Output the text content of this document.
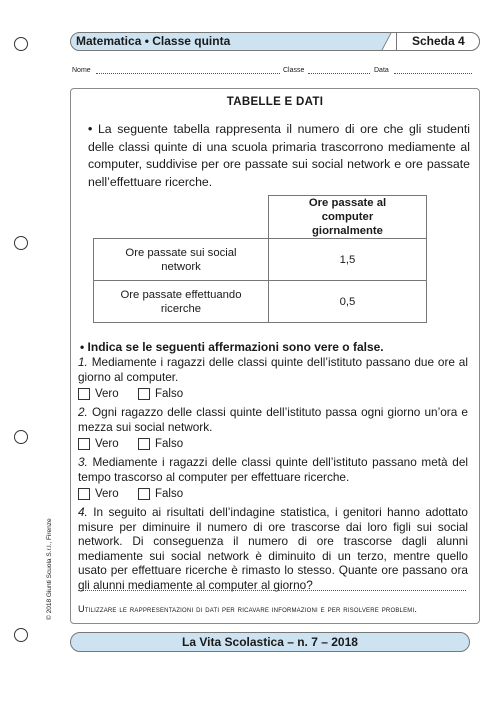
Matematica • Classe quinta	Scheda 4
Nome	Classe	Data
TABELLE E DATI
• La seguente tabella rappresenta il numero di ore che gli studenti delle classi quinte di una scuola primaria trascorrono mediamente al computer, suddivise per ore passate sui social network e ore passate nell’effettuare ricerche.
	Ore passate al computer giornalmente
Ore passate sui social network	1,5
Ore passate effettuando ricerche	0,5
• Indica se le seguenti affermazioni sono vere o false.

1. Mediamente i ragazzi delle classi quinte dell’istituto passano due ore al giorno al computer.

Vero	Falso

2. Ogni ragazzo delle classi quinte dell’istituto passa ogni giorno un’ora e mezza sui social network.

Vero	Falso

3. Mediamente i ragazzi delle classi quinte dell’istituto passano metà del tempo trascorso al computer per effettuare ricerche.

Vero	Falso

4. In seguito ai risultati dell’indagine statistica, i genitori hanno adottato misure per diminuire il numero di ore trascorse dai loro figli sui social network. Di conseguenza il numero di ore trascorse dagli alunni mediamente sui social network è diminuito di un terzo, mentre quello usato per effettuare ricerche è rimasto lo stesso. Quante ore passano ora gli alunni mediamente al computer al giorno?

Utilizzare le rappresentazioni di dati per ricavare informazioni e per risolvere problemi.
© 2018 Giunti Scuola S.r.l., Firenze
La Vita Scolastica – n. 7 – 2018
